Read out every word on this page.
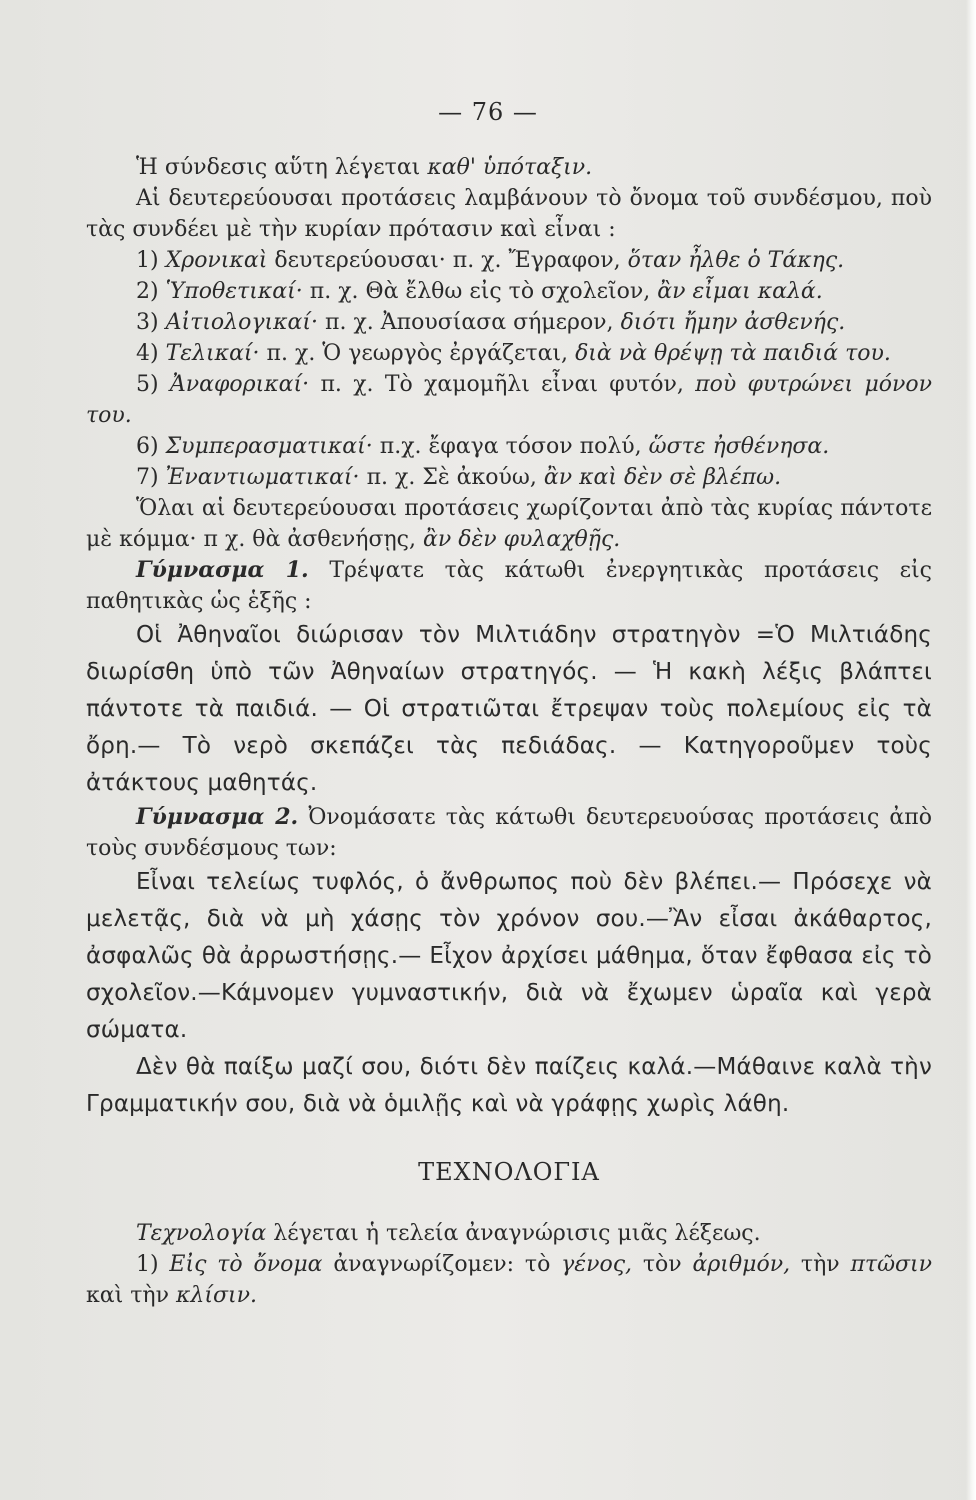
— 76 —

Ἡ σύνδεσις αὕτη λέγεται καθ' ὑπόταξιν.

Αἱ δευτερεύουσαι προτάσεις λαμβάνουν τὸ ὄνομα τοῦ συνδέσμου, ποὺ τὰς συνδέει μὲ τὴν κυρίαν πρότασιν καὶ εἶναι :

1) Χρονικαὶ δευτερεύουσαι· π. χ. Ἔγραφον, ὅταν ἦλθε ὁ Τάκης.

2) Ὑποθετικαί· π. χ. Θὰ ἔλθω εἰς τὸ σχολεῖον, ἂν εἶμαι καλά.

3) Αἰτιολογικαί· π. χ. Ἀπουσίασα σήμερον, διότι ἤμην ἀσθενής.

4) Τελικαί· π. χ. Ὁ γεωργὸς ἐργάζεται, διὰ νὰ θρέψῃ τὰ παιδιά του.

5) Ἀναφορικαί· π. χ. Τὸ χαμομῆλι εἶναι φυτόν, ποὺ φυτρώνει μόνον του.

6) Συμπερασματικαί· π.χ. ἔφαγα τόσον πολύ, ὥστε ἠσθένησα.

7) Ἐναντιωματικαί· π. χ. Σὲ ἀκούω, ἂν καὶ δὲν σὲ βλέπω.

Ὅλαι αἱ δευτερεύουσαι προτάσεις χωρίζονται ἀπὸ τὰς κυρίας πάντοτε μὲ κόμμα· π χ. θὰ ἀσθενήσῃς, ἂν δὲν φυλαχθῇς.

Γύμνασμα 1. Τρέψατε τὰς κάτωθι ἐνεργητικὰς προτάσεις εἰς παθητικὰς ὡς ἑξῆς :

Οἱ Ἀθηναῖοι διώρισαν τὸν Μιλτιάδην στρατηγὸν =Ὁ Μιλτιάδης διωρίσθη ὑπὸ τῶν Ἀθηναίων στρατηγός. — Ἡ κακὴ λέξις βλάπτει πάντοτε τὰ παιδιά. — Οἱ στρατιῶται ἔτρεψαν τοὺς πολεμίους εἰς τὰ ὄρη.— Τὸ νερὸ σκεπάζει τὰς πεδιάδας. — Κατηγοροῦμεν τοὺς ἀτάκτους μαθητάς.

Γύμνασμα 2. Ὀνομάσατε τὰς κάτωθι δευτερευούσας προτάσεις ἀπὸ τοὺς συνδέσμους των:

Εἶναι τελείως τυφλός, ὁ ἄνθρωπος ποὺ δὲν βλέπει.— Πρόσεχε νὰ μελετᾷς, διὰ νὰ μὴ χάσῃς τὸν χρόνον σου.—Ἂν εἶσαι ἀκάθαρτος, ἀσφαλῶς θὰ ἀρρωστήσῃς.— Εἶχον ἀρχίσει μάθημα, ὅταν ἔφθασα εἰς τὸ σχολεῖον.—Κάμνομεν γυμναστικήν, διὰ νὰ ἔχωμεν ὡραῖα καὶ γερὰ σώματα.

Δὲν θὰ παίξω μαζί σου, διότι δὲν παίζεις καλά.—Μάθαινε καλὰ τὴν Γραμματικήν σου, διὰ νὰ ὁμιλῇς καὶ νὰ γράφῃς χωρὶς λάθη.

ΤΕΧΝΟΛΟΓΙΑ

Τεχνολογία λέγεται ἡ τελεία ἀναγνώρισις μιᾶς λέξεως.

1) Εἰς τὸ ὄνομα ἀναγνωρίζομεν: τὸ γένος, τὸν ἀριθμόν, τὴν πτῶσιν καὶ τὴν κλίσιν.
